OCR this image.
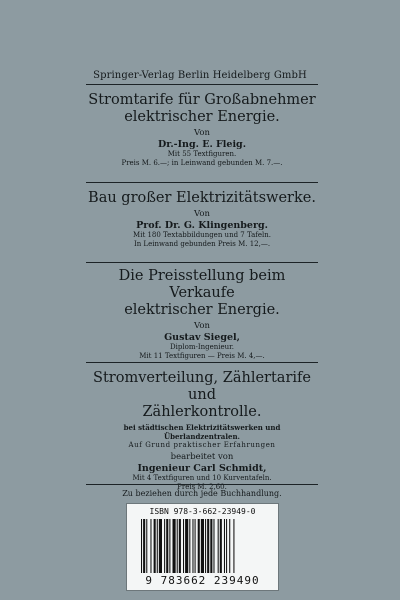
Springer-Verlag Berlin Heidelberg GmbH
Stromtarife für Großabnehmer
elektrischer Energie.
Von
Dr.-Ing. E. Fleig.
Mit 55 Textfiguren.
Preis M. 6.—; in Leinwand gebunden M. 7.—.
Bau großer Elektrizitätswerke.
Von
Prof. Dr. G. Klingenberg.
Mit 180 Textabbildungen und 7 Tafeln.
In Leinwand gebunden Preis M. 12,—.
Die Preisstellung beim Verkaufe
elektrischer Energie.
Von
Gustav Siegel,
Diplom-Ingenieur.
Mit 11 Textfiguren — Preis M. 4,—.
Stromverteilung, Zählertarife und
Zählerkontrolle.
bei städtischen Elektrizitätswerken und Überlandzentralen.
Auf Grund praktischer Erfahrungen
bearbeitet von
Ingenieur Carl Schmidt,
Mit 4 Textfiguren und 10 Kurventafeln.
Preis M. 2,60.
Zu beziehen durch jede Buchhandlung.
ISBN 978-3-662-23949-0
9 783662 239490
